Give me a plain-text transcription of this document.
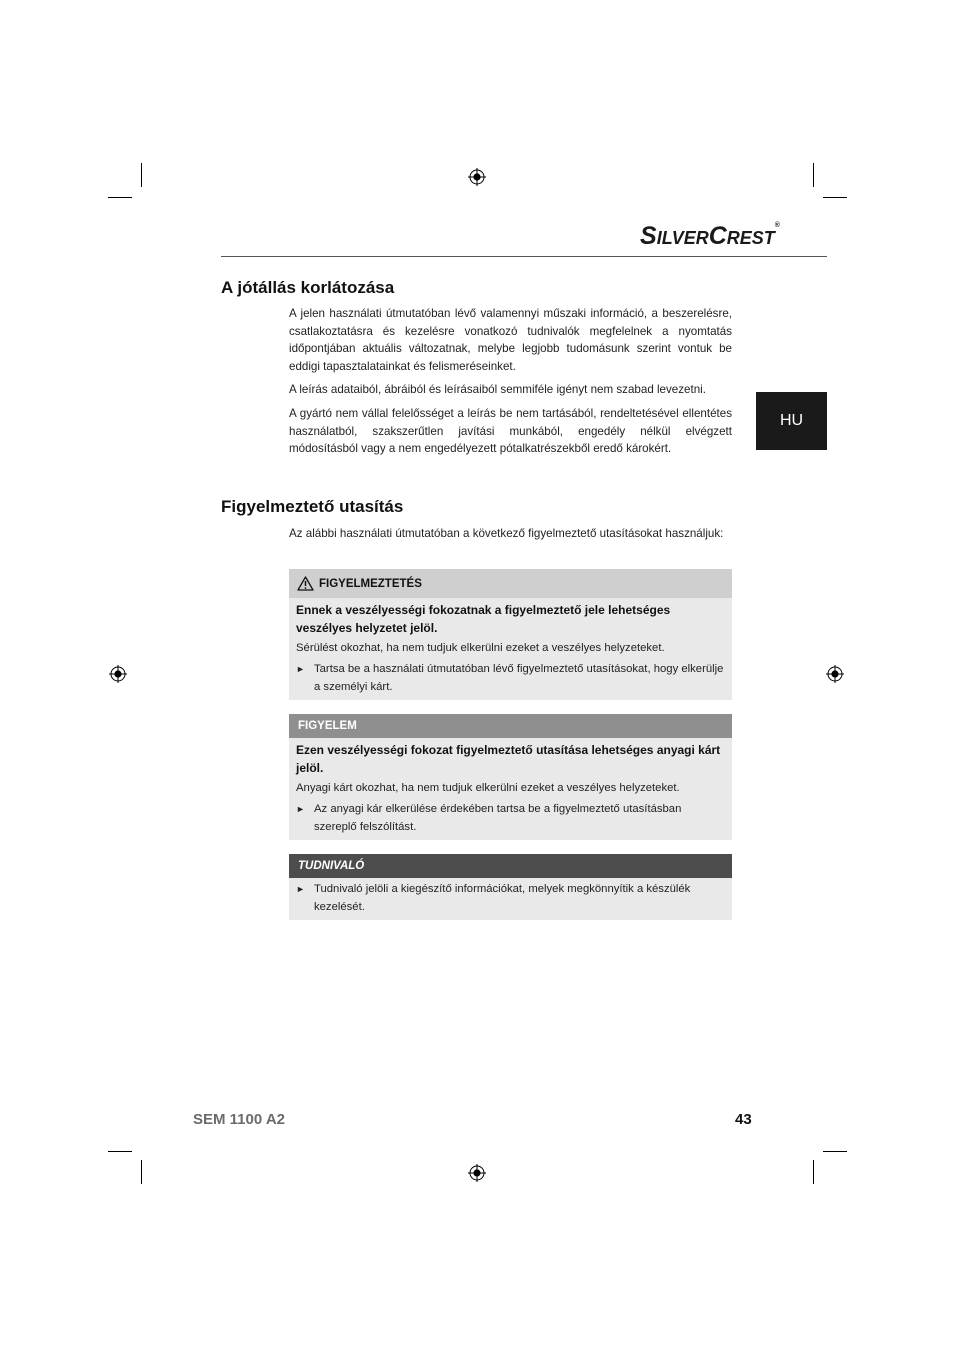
SILVERCREST®
HU
A jótállás korlátozása

A jelen használati útmutatóban lévő valamennyi műszaki információ, a beszerelésre, csatlakoztatásra és kezelésre vonatkozó tudnivalók megfelelnek a nyomtatás időpontjában aktuális változatnak, melybe legjobb tudomásunk szerint vontuk be eddigi tapasztalatainkat és felismeréseinket.

A leírás adataiból, ábráiból és leírásaiból semmiféle igényt nem szabad levezetni.

A gyártó nem vállal felelősséget a leírás be nem tartásából, rendeltetésével ellentétes használatból, szakszerűtlen javítási munkából, engedély nélkül elvégzett módosításból vagy a nem engedélyezett pótalkatrészekből eredő károkért.

Figyelmeztető utasítás

Az alábbi használati útmutatóban a következő figyelmeztető utasításokat használjuk:

FIGYELMEZTETÉS

Ennek a veszélyességi fokozatnak a figyelmeztető jele lehetséges veszélyes helyzetet jelöl.

Sérülést okozhat, ha nem tudjuk elkerülni ezeket a veszélyes helyzeteket.

► Tartsa be a használati útmutatóban lévő figyelmeztető utasításokat, hogy elkerülje a személyi kárt.
FIGYELEM

Ezen veszélyességi fokozat figyelmeztető utasítása lehetséges anyagi kárt jelöl.

Anyagi kárt okozhat, ha nem tudjuk elkerülni ezeket a veszélyes helyzeteket.

► Az anyagi kár elkerülése érdekében tartsa be a figyelmeztető utasításban szereplő felszólítást.
TUDNIVALÓ
► Tudnivaló jelöli a kiegészítő információkat, melyek megkönnyítik a készülék kezelését.
SEM 1100 A2	43
